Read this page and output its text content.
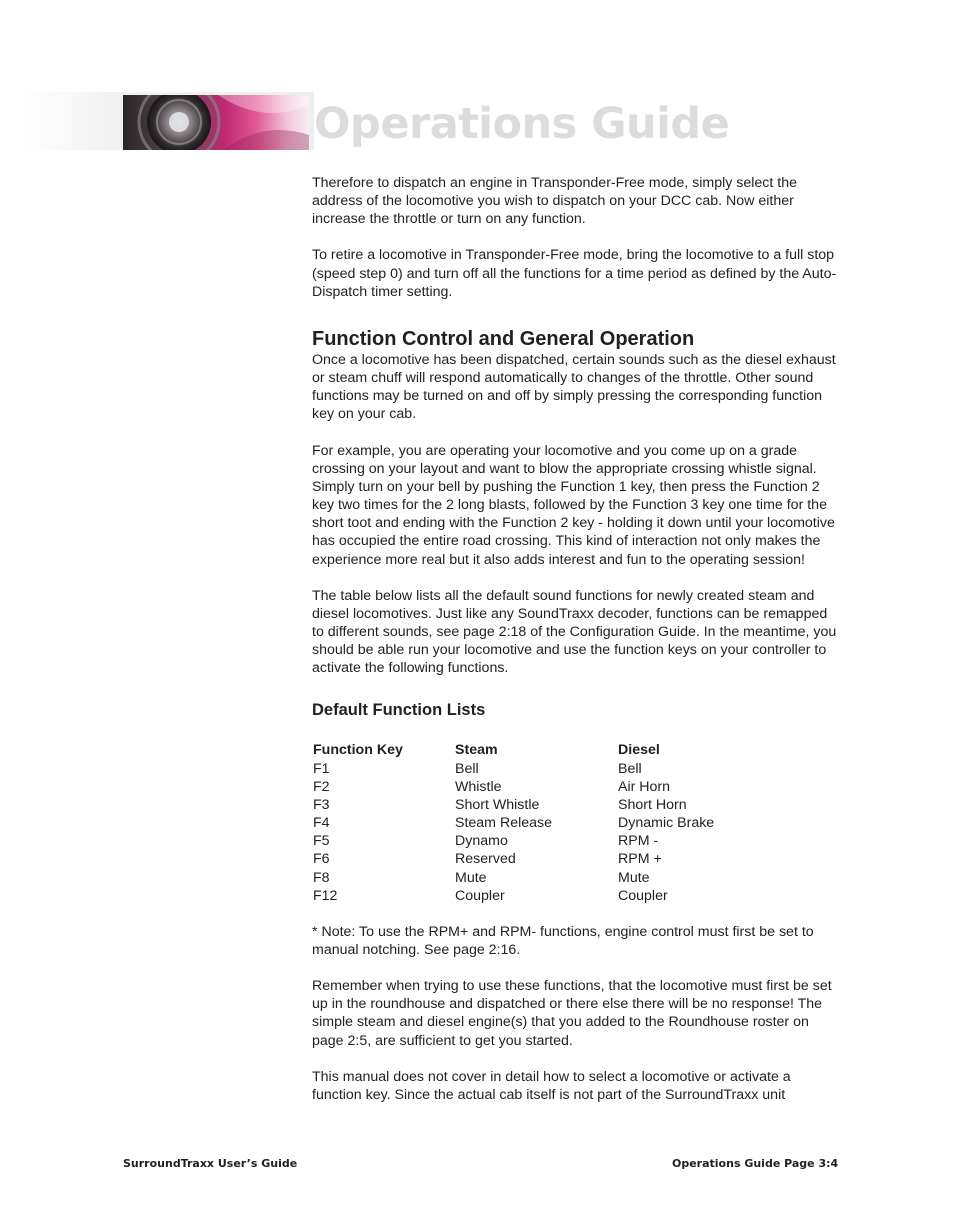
Operations Guide

Therefore to dispatch an engine in Transponder-Free mode, simply select the address of the locomotive you wish to dispatch on your DCC cab. Now either increase the throttle or turn on any function.

To retire a locomotive in Transponder-Free mode, bring the locomotive to a full stop (speed step 0) and turn off all the functions for a time period as defined by the Auto-Dispatch timer setting.

Function Control and General Operation

Once a locomotive has been dispatched, certain sounds such as the diesel exhaust or steam chuff will respond automatically to changes of the throttle. Other sound functions may be turned on and off by simply pressing the corresponding function key on your cab.

For example, you are operating your locomotive and you come up on a grade crossing on your layout and want to blow the appropriate crossing whistle signal. Simply turn on your bell by pushing the Function 1 key, then press the Function 2 key two times for the 2 long blasts, followed by the Function 3 key one time for the short toot and ending with the Function 2 key - holding it down until your locomotive has occupied the entire road crossing. This kind of interaction not only makes the experience more real but it also adds interest and fun to the operating session!

The table below lists all the default sound functions for newly created steam and diesel locomotives. Just like any SoundTraxx decoder, functions can be remapped to different sounds, see page 2:18 of the Configuration Guide. In the meantime, you should be able run your locomotive and use the function keys on your controller to activate the following functions.

Default Function Lists
Function Key	Steam	Diesel
F1	Bell	Bell
F2	Whistle	Air Horn
F3	Short Whistle	Short Horn
F4	Steam Release	Dynamic Brake
F5	Dynamo	RPM -
F6	Reserved	RPM +
F8	Mute	Mute
F12	Coupler	Coupler

* Note: To use the RPM+ and RPM- functions, engine control must first be set to manual notching. See page 2:16.

Remember when trying to use these functions, that the locomotive must first be set up in the roundhouse and dispatched or there else there will be no response! The simple steam and diesel engine(s) that you added to the Roundhouse roster on page 2:5, are sufficient to get you started.

This manual does not cover in detail how to select a locomotive or activate a function key. Since the actual cab itself is not part of the SurroundTraxx unit

SurroundTraxx User’s Guide	Operations Guide Page 3:4
